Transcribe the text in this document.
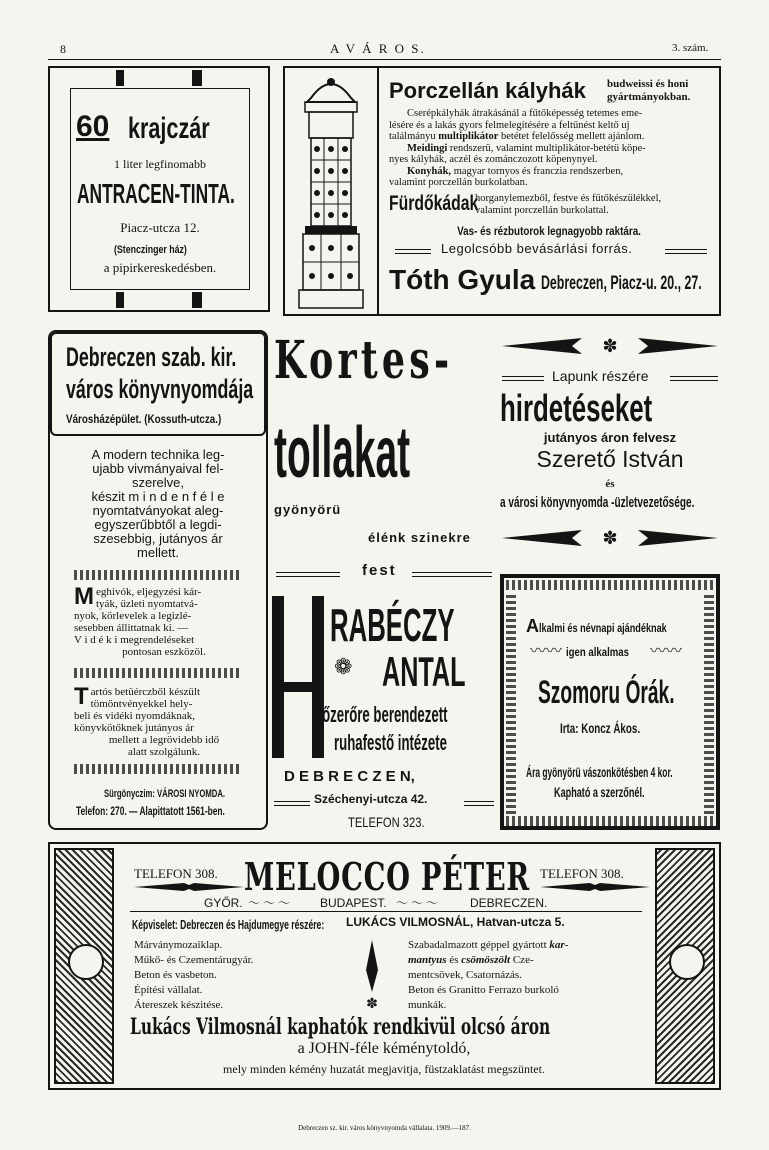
8	A V Á R O S.	3. szám.
60 krajczár
1 liter legfinomabb
ANTRACEN-TINTA.
Piacz-utcza 12.
(Stenczinger ház)
a pipirkereskedésben.
Porczellán kályhák budweissi és honi
gyártmányokban.
Cserépkályhák átrakásánál a fűtőképesség tetemes eme-
lésére és a lakás gyors felmelegítésére a feltűnést keltő uj
találmányu multiplikátor betétet felelősség mellett ajánlom.
Meidingi rendszerü, valamint multiplikátor-betétü köpe-
nyes kályhák, aczél és zománczozott köpenynyel.
Konyhák, magyar tornyos és franczia rendszerben,
valamint porczellán burkolatban.
Fürdőkádak
horganylemezből, festve és fűtőkészülékkel,
valamint porczellán burkolattal.
Vas- és rézbutorok legnagyobb raktára.
Legolcsóbb bevásárlási forrás.
Tóth Gyula Debreczen, Piacz-u. 20., 27.
Debreczen szab. kir.
város könyvnyomdája
Városházépület. (Kossuth-utcza.)
A modern technika leg-
ujabb vivmányaival fel-
szerelve,
készit m i n d e n f é l e
nyomtatványokat aleg-
egyszerűbbtől a legdi-
szesebbig, jutányos ár
mellett.
M eghivók, eljegyzési kár-
tyák, üzleti nyomtatvá-
nyok, körlevelek a legizlé-
sesebben állittatnak ki. —
V i d é k i megrendeléseket
pontosan eszközöl.
T artós betüérczből készült
tömöntvényekkel hely-
beli és vidéki nyomdáknak,
könyvkötőknek jutányos ár
mellett a legrövidebb idő
alatt szolgálunk.
Sürgönyczim: VÁROSI NYOMDA.
Telefon: 270. — Alapittatott 1561-ben.
Kortes-
tollakat
gyönyörü
élénk szinekre
fest
RABÉCZY
❁ ANTAL
gőzerőre berendezett
ruhafestő intézete
D E B R E C Z E N,
Széchenyi-utcza 42.
TELEFON 323.
✽
Lapunk részére
hirdetéseket
jutányos áron felvesz
Szerető István
és
a városi könyvnyomda -üzletvezetősége.
✽
Alkalmi és névnapi ajándéknak
〰〰 igen alkalmas 〰〰
Szomoru Órák.
Irta: Koncz Ákos.
Ára gyönyörü vászonkötésben 4 kor.
Kapható a szerzőnél.
TELEFON 308. MELOCCO PÉTER TELEFON 308.
GYŐR. 〜 〜 〜 BUDAPEST. 〜 〜 〜	DEBRECZEN.
Képviselet: Debreczen és Hajdumegye részére:	LUKÁCS VILMOSNÁL, Hatvan-utcza 5.
Márványmozaiklap.
Műkő- és Czementárugyár.
Beton és vasbeton.
Építési vállalat.
Átereszek készitése.	✽
Szabadalmazott géppel gyártott kar-
mantyus és csömöszölt Cze-
mentcsövek, Csatornázás.
Beton és Granitto Ferrazo burkoló
munkák.
Lukács Vilmosnál kaphatók rendkivül olcsó áron
a JOHN-féle kéménytoldó,
mely minden kémény huzatát megjavitja, füstzaklatást megszüntet.
Debreczen sz. kir. város könyvnyomda vállalata. 1909.—187.
